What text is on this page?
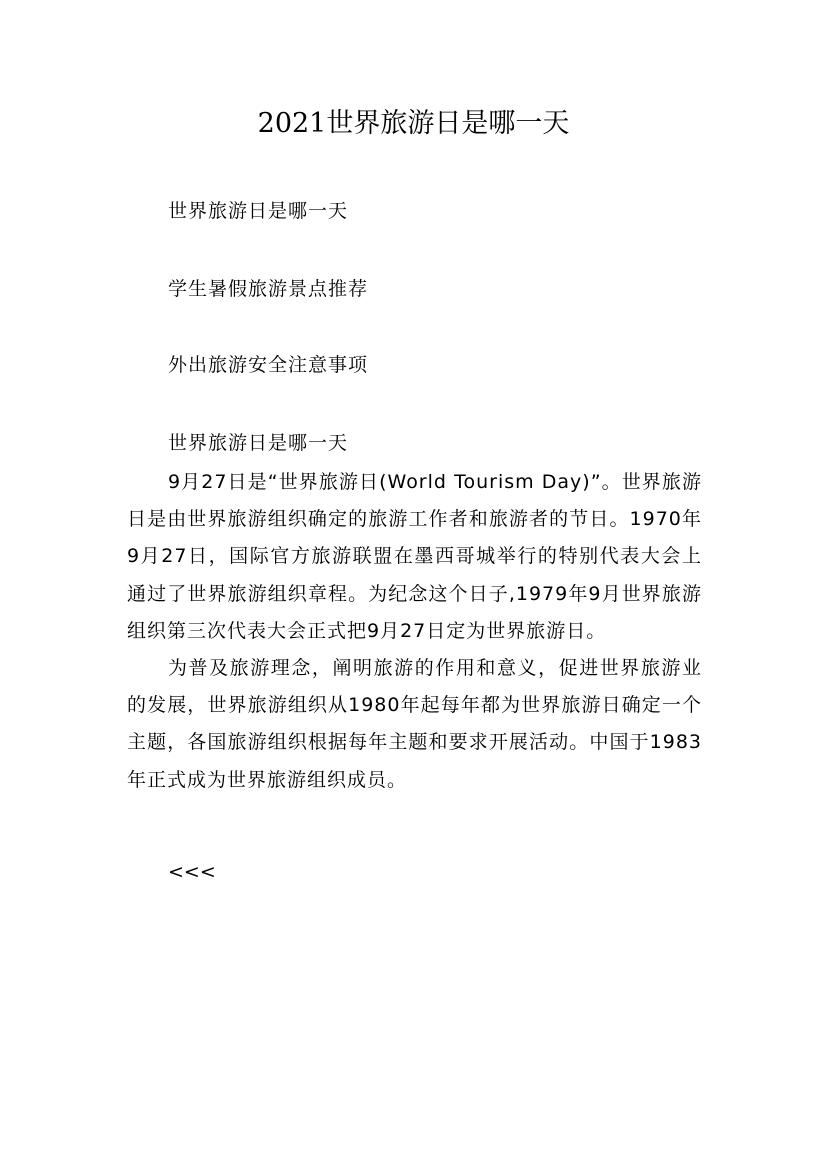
2021世界旅游日是哪一天
世界旅游日是哪一天
学生暑假旅游景点推荐
外出旅游安全注意事项
世界旅游日是哪一天

9月27日是“世界旅游日(World Tourism Day)”。世界旅游日是由世界旅游组织确定的旅游工作者和旅游者的节日。1970年9月27日，国际官方旅游联盟在墨西哥城举行的特别代表大会上通过了世界旅游组织章程。为纪念这个日子,1979年9月世界旅游组织第三次代表大会正式把9月27日定为世界旅游日。

为普及旅游理念，阐明旅游的作用和意义，促进世界旅游业的发展，世界旅游组织从1980年起每年都为世界旅游日确定一个主题，各国旅游组织根据每年主题和要求开展活动。中国于1983年正式成为世界旅游组织成员。

<<<
